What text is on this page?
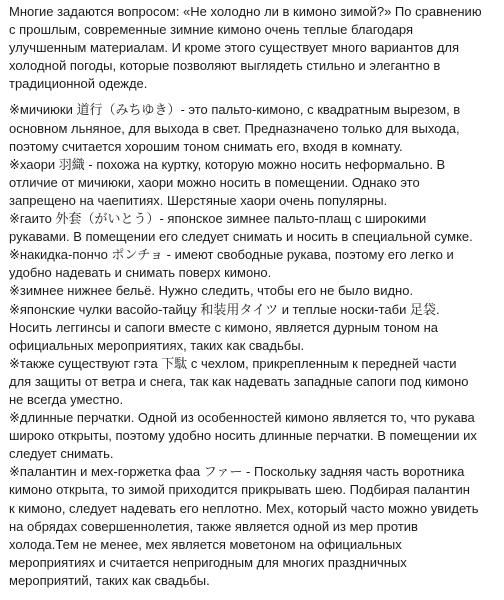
Многие задаются вопросом: «Не холодно ли в кимоно зимой?» По сравнению
с прошлым, современные зимние кимоно очень теплые благодаря
улучшенным материалам. И кроме этого существует много вариантов для
холодной погоды, которые позволяют выглядеть стильно и элегантно в
традиционной одежде.

※мичиюки 道行（みちゆき）- это пальто-кимоно, с квадратным вырезом, в
основном льняное, для выхода в свет. Предназначено только для выхода,
поэтому считается хорошим тоном снимать его, входя в комнату.

※хаори 羽織 - похожа на куртку, которую можно носить неформально. В
отличие от мичиюки, хаори можно носить в помещении. Однако это
запрещено на чаепитиях. Шерстяные хаори очень популярны.

※гаито 外套（がいとう）- японское зимнее пальто-плащ с широкими
рукавами. В помещении его следует снимать и носить в специальной сумке.

※накидка-пончо ポンチョ - имеют свободные рукава, поэтому его легко и
удобно надевать и снимать поверх кимоно.

※зимнее нижнее бельё. Нужно следить, чтобы его не было видно.

※японские чулки васойо-тайцу 和装用タイツ и теплые носки-таби 足袋.
Носить леггинсы и сапоги вместе с кимоно, является дурным тоном на
официальных мероприятиях, таких как свадьбы.

※также существуют гэта 下駄 с чехлом, прикрепленным к передней части
для защиты от ветра и снега, так как надевать западные сапоги под кимоно
не всегда уместно.

※длинные перчатки. Одной из особенностей кимоно является то, что рукава
широко открыты, поэтому удобно носить длинные перчатки. В помещении их
следует снимать.

※палантин и мех-горжетка фаа ファー - Поскольку задняя часть воротника
кимоно открыта, то зимой приходится прикрывать шею. Подбирая палантин
к кимоно, следует надевать его неплотно. Мех, который часто можно увидеть
на обрядах совершеннолетия, также является одной из мер против
холода.Тем не менее, мех является моветоном на официальных
мероприятиях и считается непригодным для многих праздничных
мероприятий, таких как свадьбы.
